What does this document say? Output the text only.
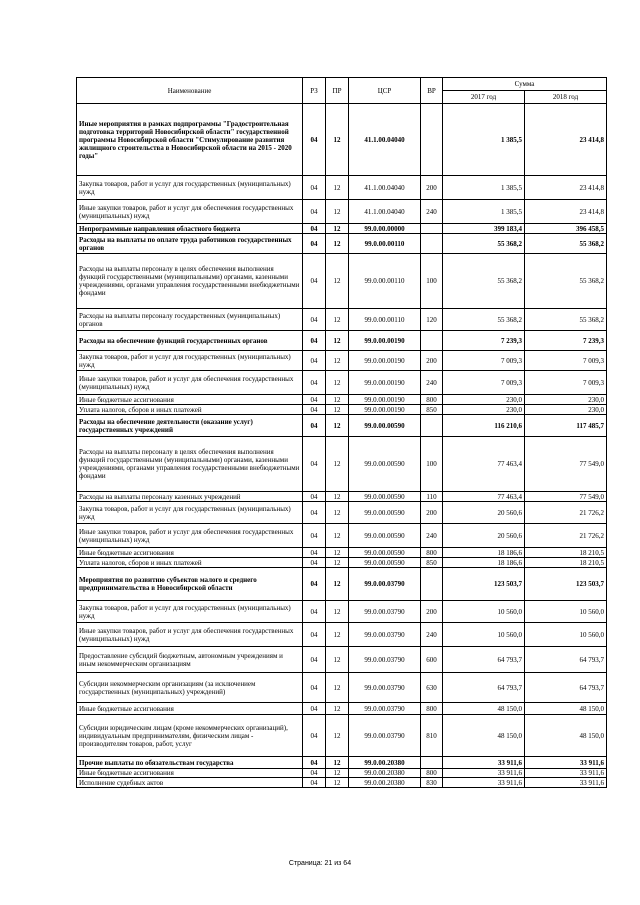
Наименование	РЗ	ПР	ЦСР	ВР	Сумма	
					2017 год	2018 год
Иные мероприятия в рамках подпрограммы "Градостроительная подготовка территорий Новосибирской области" государственной программы Новосибирской области "Стимулирование развития жилищного строительства в Новосибирской области на 2015 - 2020 годы"	04	12	41.1.00.04040		1 385,5	23 414,8
Закупка товаров, работ и услуг для государственных (муниципальных) нужд	04	12	41.1.00.04040	200	1 385,5	23 414,8
Иные закупки товаров, работ и услуг для обеспечения государственных (муниципальных) нужд	04	12	41.1.00.04040	240	1 385,5	23 414,8
Непрограммные направления областного бюджета	04	12	99.0.00.00000		399 183,4	396 458,5
Расходы на выплаты по оплате труда работников государственных органов	04	12	99.0.00.00110		55 368,2	55 368,2
Расходы на выплаты персоналу в целях обеспечения выполнения функций государственными (муниципальными) органами, казенными учреждениями, органами управления государственными внебюджетными фондами	04	12	99.0.00.00110	100	55 368,2	55 368,2
Расходы на выплаты персоналу государственных (муниципальных) органов	04	12	99.0.00.00110	120	55 368,2	55 368,2
Расходы на обеспечение функций государственных органов	04	12	99.0.00.00190		7 239,3	7 239,3
Закупка товаров, работ и услуг для государственных (муниципальных) нужд	04	12	99.0.00.00190	200	7 009,3	7 009,3
Иные закупки товаров, работ и услуг для обеспечения государственных (муниципальных) нужд	04	12	99.0.00.00190	240	7 009,3	7 009,3
Иные бюджетные ассигнования	04	12	99.0.00.00190	800	230,0	230,0
Уплата налогов, сборов и иных платежей	04	12	99.0.00.00190	850	230,0	230,0
Расходы на обеспечение деятельности (оказание услуг) государственных учреждений	04	12	99.0.00.00590		116 210,6	117 485,7
Расходы на выплаты персоналу в целях обеспечения выполнения функций государственными (муниципальными) органами, казенными учреждениями, органами управления государственными внебюджетными фондами	04	12	99.0.00.00590	100	77 463,4	77 549,0
Расходы на выплаты персоналу казенных учреждений	04	12	99.0.00.00590	110	77 463,4	77 549,0
Закупка товаров, работ и услуг для государственных (муниципальных) нужд	04	12	99.0.00.00590	200	20 560,6	21 726,2
Иные закупки товаров, работ и услуг для обеспечения государственных (муниципальных) нужд	04	12	99.0.00.00590	240	20 560,6	21 726,2
Иные бюджетные ассигнования	04	12	99.0.00.00590	800	18 186,6	18 210,5
Уплата налогов, сборов и иных платежей	04	12	99.0.00.00590	850	18 186,6	18 210,5
Мероприятия по развитию субъектов малого и среднего предпринимательства в Новосибирской области	04	12	99.0.00.03790		123 503,7	123 503,7
Закупка товаров, работ и услуг для государственных (муниципальных) нужд	04	12	99.0.00.03790	200	10 560,0	10 560,0
Иные закупки товаров, работ и услуг для обеспечения государственных (муниципальных) нужд	04	12	99.0.00.03790	240	10 560,0	10 560,0
Предоставление субсидий бюджетным, автономным учреждениям и иным некоммерческим организациям	04	12	99.0.00.03790	600	64 793,7	64 793,7
Субсидии некоммерческим организациям (за исключением государственных (муниципальных) учреждений)	04	12	99.0.00.03790	630	64 793,7	64 793,7
Иные бюджетные ассигнования	04	12	99.0.00.03790	800	48 150,0	48 150,0
Субсидии юридическим лицам (кроме некоммерческих организаций), индивидуальным предпринимателям, физическим лицам - производителям товаров, работ, услуг	04	12	99.0.00.03790	810	48 150,0	48 150,0
Прочие выплаты по обязательствам государства	04	12	99.0.00.20380		33 911,6	33 911,6
Иные бюджетные ассигнования	04	12	99.0.00.20380	800	33 911,6	33 911,6
Исполнение судебных актов	04	12	99.0.00.20380	830	33 911,6	33 911,6
Страница: 21 из 64
